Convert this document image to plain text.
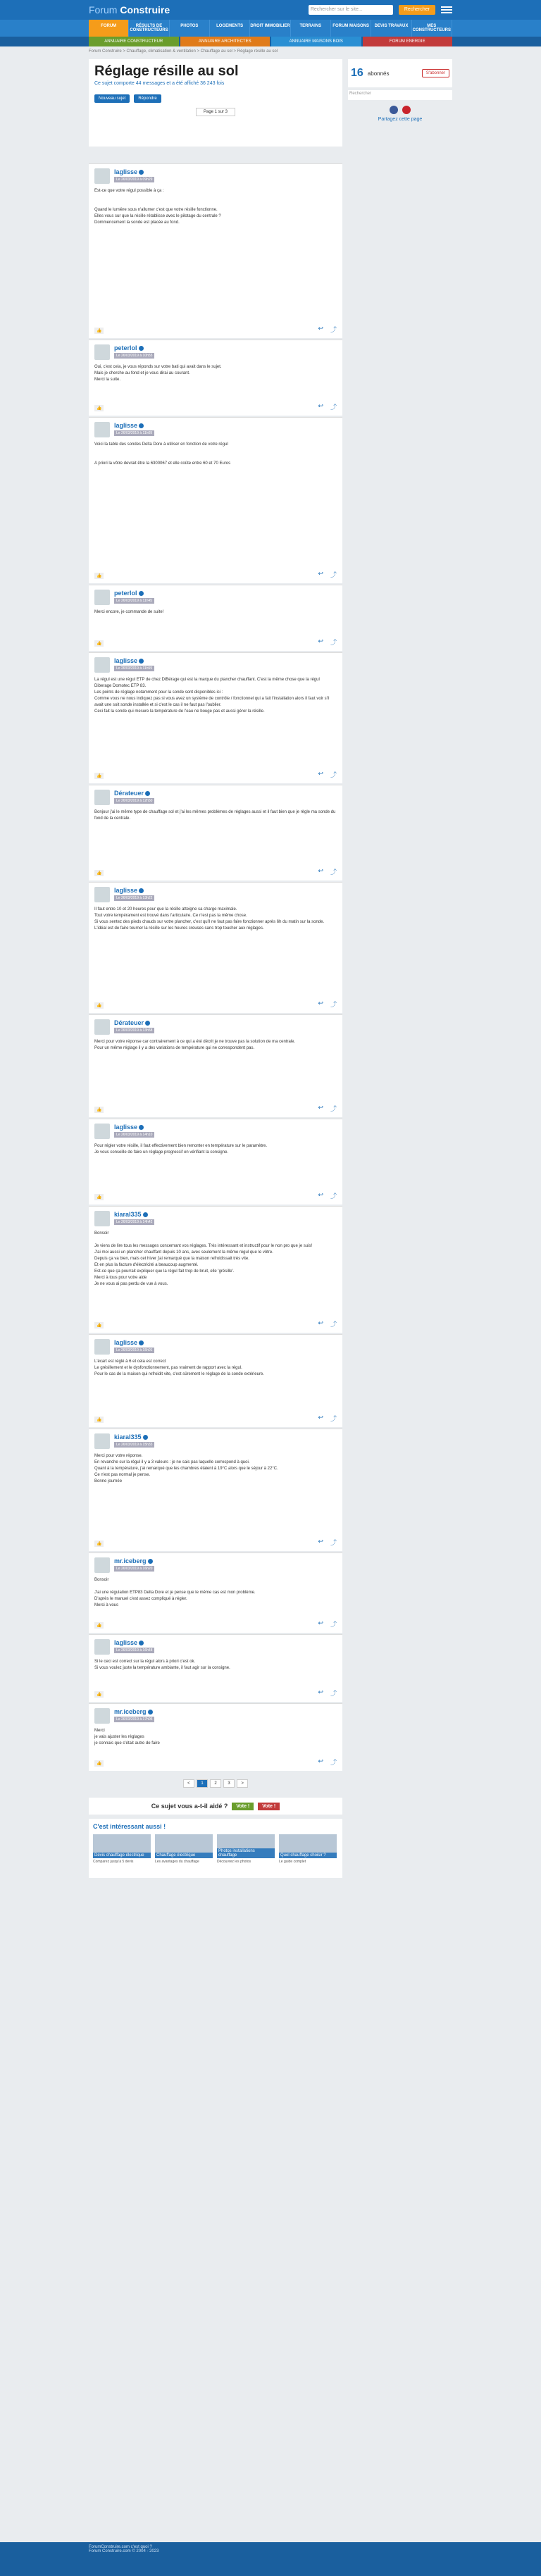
Forum Construire	Rechercher sur le site...	Rechercher
FORUM	RÉSULTS DE CONSTRUCTEURS
PHOTOS	LOGEMENTS	DROIT IMMOBILIER	TERRAINS	FORUM MAISONS	DEVIS TRAVAUX	MES CONSTRUCTEURS
ANNUAIRE CONSTRUCTEUR	ANNUAIRE ARCHITECTES	ANNUAIRE MAISONS BOIS	FORUM ENERGIE
Forum Construire > Chauffage, climatisation & ventilation > Chauffage au sol > Réglage résille au sol
Réglage résille au sol
Ce sujet comporte 44 messages et a été affiché 36 243 fois
Nouveau sujet	Répondre
Page 1 sur 3
16 abonnés	S'abonner
Rechercher

Partagez cette page
laglisse
Le 26/03/2019 à 09h29
Est-ce que votre régul possible à ça :

Quand le lumière sous n'allumer c'est que votre résille fonctionne.
Elles vous sur que la résille rétablisse avec le pilotage du centrale ?
Dommencement la sonde est placée au fond.
👍	↩ ⤴
peterlol
Le 26/03/2019 à 10h55
Oui, c'est cela, je vous réponds sur votre bati qui avait dans le sujet.
Mais je cherche au fond et je vous dirai au courant.
Merci la suite.
👍	↩ ⤴
laglisse
Le 26/03/2019 à 11h09
Voici la table des sondes Delta Dore à utiliser en fonction de votre régul

A priori la vôtre devrait être la 6300067 et elle coûte entre 60 et 70 Euros
👍	↩ ⤴
peterlol
Le 26/03/2019 à 11h45
Merci encore, je commande de suite!
👍	↩ ⤴
laglisse
Le 26/03/2019 à 11h59
La régul est une régul ETP de chez DiBérage qui est la marque du plancher chauffant. C'est la même chose que la régul Diberage Domotec ETP 83.
Les points de réglage notamment pour la sonde sont disponibles ici :
Comme vous ne nous indiquez pas si vous avez un système de contrôle / fonctionnel qui a fait l'installation alors il faut voir s'il avait une soit sonde installée et si c'est le cas il ne faut pas l'oublier.
Ceci fait la sonde qui mesure la température de l'eau ne bouge pas et aussi gérer la résille.
👍	↩ ⤴
Dérateuer
Le 26/03/2019 à 12h50
Bonjour j'ai le même type de chauffage sol et j'ai les mêmes problèmes de réglages aussi et il faut bien que je règle ma sonde du fond de la centrale.
👍	↩ ⤴
laglisse
Le 26/03/2019 à 13h22
Il faut entre 10 et 20 heures pour que la résille atteigne sa charge maximale.
Tout votre tempérament est trouvé dans l'articulaire. Ce n'est pas la même chose.
Si vous sentez des pieds chauds sur votre plancher, c'est qu'il ne faut pas faire fonctionner après 6h du matin sur la sonde.
L'idéal est de faire tourner la résille sur les heures creuses sans trop toucher aux réglages.
👍	↩ ⤴
Dérateuer
Le 26/03/2019 à 13h58
Merci pour votre réponse car contrairement à ce qui a été décrit je ne trouve pas la solution de ma centrale.
Pour un même réglage il y a des variations de température qui ne correspondent pas.
👍	↩ ⤴
laglisse
Le 26/03/2019 à 14h10
Pour régler votre résille, il faut effectivement bien remonter en température sur le paramètre.
Je vous conseille de faire un réglage progressif en vérifiant la consigne.
👍	↩ ⤴
kiaral335
Le 26/03/2019 à 14h42
Bonsoir

Je viens de lire tous les messages concernant vos réglages. Très intéressant et instructif pour le non pro que je suis!
J'ai moi aussi un plancher chauffant depuis 10 ans, avec seulement la même régul que le vôtre.
Depuis ça va bien, mais cet hiver j'ai remarqué que la maison refroidissait très vite.
Et en plus la facture d'électricité a beaucoup augmenté.
Est-ce que ça pourrait expliquer que la régul fait trop de bruit, elle 'grésille'.
Merci à tous pour votre aide
Je ne vous ai pas perdu de vue à vous.
👍	↩ ⤴
laglisse
Le 26/03/2019 à 15h01
L'écart est réglé à 6 et cela est correct
Le grésillement et le dysfonctionnement, pas vraiment de rapport avec la régul.
Pour le cas de la maison qui refroidit vite, c'est sûrement le réglage de la sonde extérieure.
👍	↩ ⤴
kiaral335
Le 26/03/2019 à 15h33
Merci pour votre réponse.
En revanche sur la régul il y a 3 valeurs : je ne sais pas laquelle correspond à quoi.
Quant à la température, j'ai remarqué que les chambres étaient à 19°C alors que le séjour à 22°C.
Ce n'est pas normal je pense.
Bonne journée
👍	↩ ⤴
mr.iceberg
Le 26/03/2019 à 16h20
Bonsoir

J'ai une régulation ETP83 Delta Dore et je pense que le même cas est mon problème.
D'après le manuel c'est assez compliqué à régler.
Merci à vous
👍	↩ ⤴
laglisse
Le 26/03/2019 à 16h48
Si le ceci est correct sur la régul alors à priori c'est ok.
Si vous voulez juste la température ambiante, il faut agir sur la consigne.
👍	↩ ⤴
mr.iceberg
Le 26/03/2019 à 17h05
Merci
je vais ajuster les réglages
je connais que c'était autre de faire
👍	↩ ⤴
<	1	2	3	>
Ce sujet vous a-t-il aidé ?	Vote !	Vote !
C'est intéressant aussi !
Devis chauffage électrique
Comparez jusqu'à 5 devis
Chauffage électrique
Les avantages du chauffage
Photos installations chauffage
Découvrez les photos
Quel chauffage choisir ?
Le guide complet
ForumConstruire.com c'est quoi ?
Forum Construire.com © 2004 - 2023
